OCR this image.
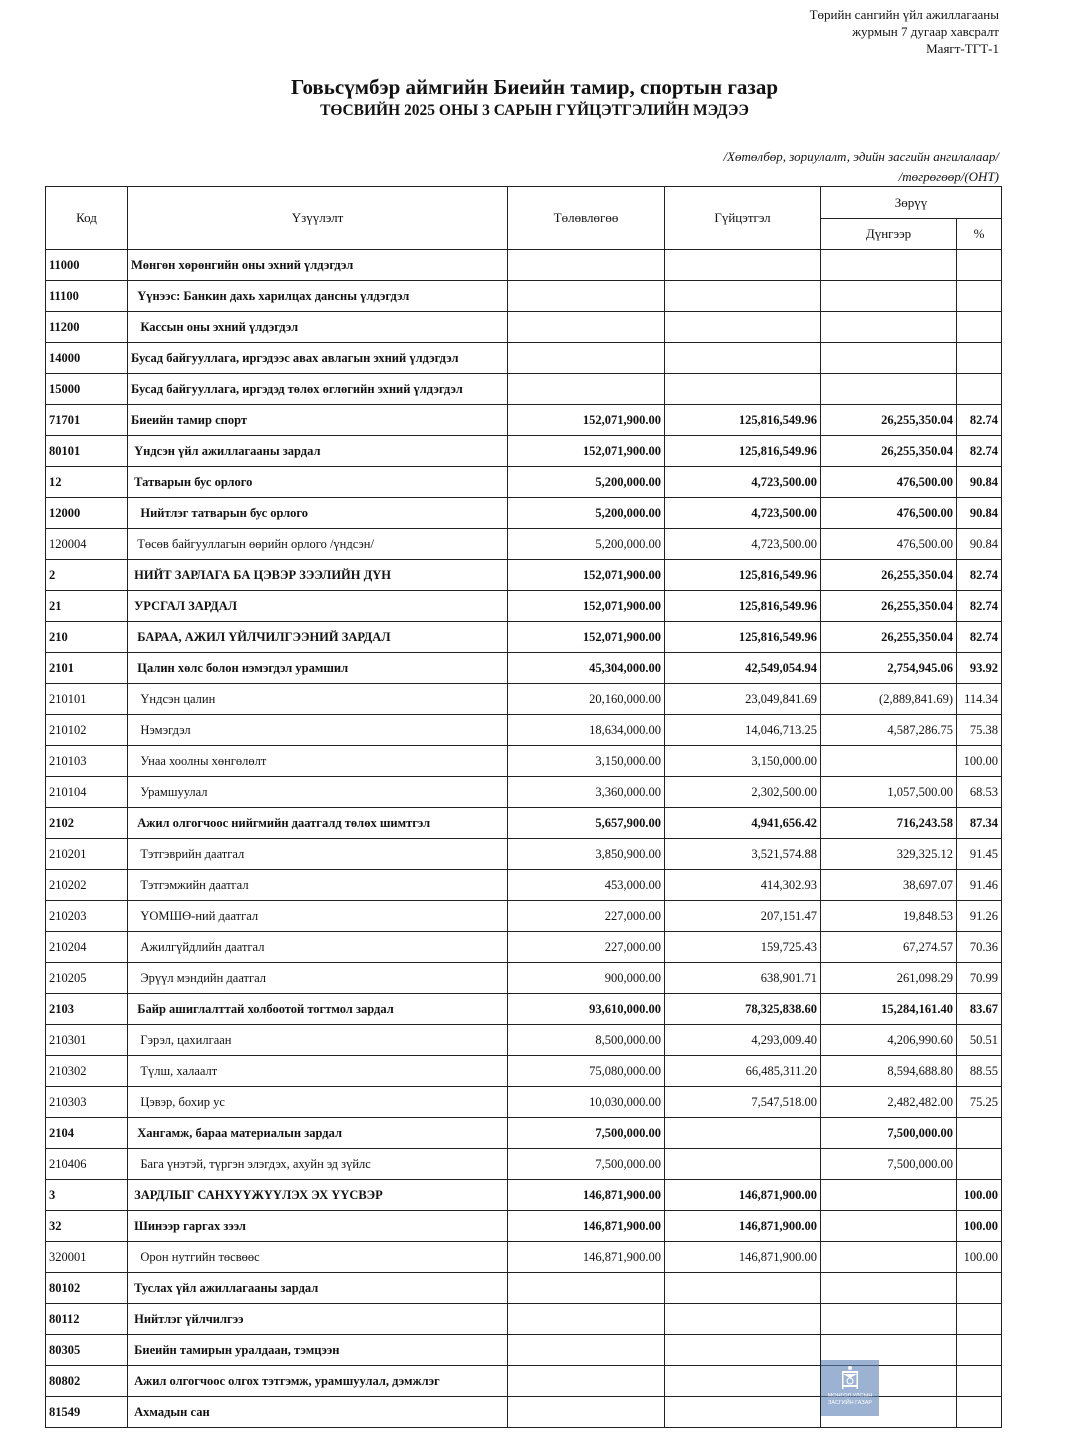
Төрийн сангийн үйл ажиллагааны
журмын 7 дугаар хавсралт
Маягт-ТГТ-1
Говьсүмбэр аймгийн Биеийн тамир, спортын газар
ТӨСВИЙН 2025 ОНЫ 3 САРЫН ГҮЙЦЭТГЭЛИЙН МЭДЭЭ
/Хөтөлбөр, зориулалт, эдийн засгийн ангилалаар/
/төгрөгөөр/(ОНТ)
Код	Үзүүлэлт	Төлөвлөгөө	Гүйцэтгэл	Зөрүү	
				Дүнгээр	%
11000	Мөнгөн хөрөнгийн оны эхний үлдэгдэл				
11100	Үүнээс: Банкин дахь харилцах дансны үлдэгдэл				
11200	Кассын оны эхний үлдэгдэл				
14000	Бусад байгууллага, иргэдээс авах авлагын эхний үлдэгдэл				
15000	Бусад байгууллага, иргэдэд төлөх өглөгийн эхний үлдэгдэл				
71701	Биеийн тамир спорт	152,071,900.00	125,816,549.96	26,255,350.04	82.74
80101	Үндсэн үйл ажиллагааны зардал	152,071,900.00	125,816,549.96	26,255,350.04	82.74
12	Татварын бус орлого	5,200,000.00	4,723,500.00	476,500.00	90.84
12000	Нийтлэг татварын бус орлого	5,200,000.00	4,723,500.00	476,500.00	90.84
120004	Төсөв байгууллагын өөрийн орлого /үндсэн/	5,200,000.00	4,723,500.00	476,500.00	90.84
2	НИЙТ ЗАРЛАГА БА ЦЭВЭР ЗЭЭЛИЙН ДҮН	152,071,900.00	125,816,549.96	26,255,350.04	82.74
21	УРСГАЛ ЗАРДАЛ	152,071,900.00	125,816,549.96	26,255,350.04	82.74
210	БАРАА, АЖИЛ ҮЙЛЧИЛГЭЭНИЙ ЗАРДАЛ	152,071,900.00	125,816,549.96	26,255,350.04	82.74
2101	Цалин хөлс болон нэмэгдэл урамшил	45,304,000.00	42,549,054.94	2,754,945.06	93.92
210101	Үндсэн цалин	20,160,000.00	23,049,841.69	(2,889,841.69)	114.34
210102	Нэмэгдэл	18,634,000.00	14,046,713.25	4,587,286.75	75.38
210103	Унаа хоолны хөнгөлөлт	3,150,000.00	3,150,000.00		100.00
210104	Урамшуулал	3,360,000.00	2,302,500.00	1,057,500.00	68.53
2102	Ажил олгогчоос нийгмийн даатгалд төлөх шимтгэл	5,657,900.00	4,941,656.42	716,243.58	87.34
210201	Тэтгэврийн даатгал	3,850,900.00	3,521,574.88	329,325.12	91.45
210202	Тэтгэмжийн даатгал	453,000.00	414,302.93	38,697.07	91.46
210203	ҮОМШӨ-ний даатгал	227,000.00	207,151.47	19,848.53	91.26
210204	Ажилгүйдлийн даатгал	227,000.00	159,725.43	67,274.57	70.36
210205	Эрүүл мэндийн даатгал	900,000.00	638,901.71	261,098.29	70.99
2103	Байр ашиглалттай холбоотой тогтмол зардал	93,610,000.00	78,325,838.60	15,284,161.40	83.67
210301	Гэрэл, цахилгаан	8,500,000.00	4,293,009.40	4,206,990.60	50.51
210302	Түлш, халаалт	75,080,000.00	66,485,311.20	8,594,688.80	88.55
210303	Цэвэр, бохир ус	10,030,000.00	7,547,518.00	2,482,482.00	75.25
2104	Хангамж, бараа материалын зардал	7,500,000.00		7,500,000.00	
210406	Бага үнэтэй, түргэн элэгдэх, ахуйн эд зүйлс	7,500,000.00		7,500,000.00	
3	ЗАРДЛЫГ САНХҮҮЖҮҮЛЭХ ЭХ ҮҮСВЭР	146,871,900.00	146,871,900.00		100.00
32	Шинээр гаргах зээл	146,871,900.00	146,871,900.00		100.00
320001	Орон нутгийн төсвөөс	146,871,900.00	146,871,900.00		100.00
80102	Туслах үйл ажиллагааны зардал				
80112	Нийтлэг үйлчилгээ				
80305	Биеийн тамирын уралдаан, тэмцээн				
80802	Ажил олгогчоос олгох тэтгэмж, урамшуулал, дэмжлэг				
81549	Ахмадын сан				
МОНГОЛ УЛСЫН
ЗАСГИЙН ГАЗАР
